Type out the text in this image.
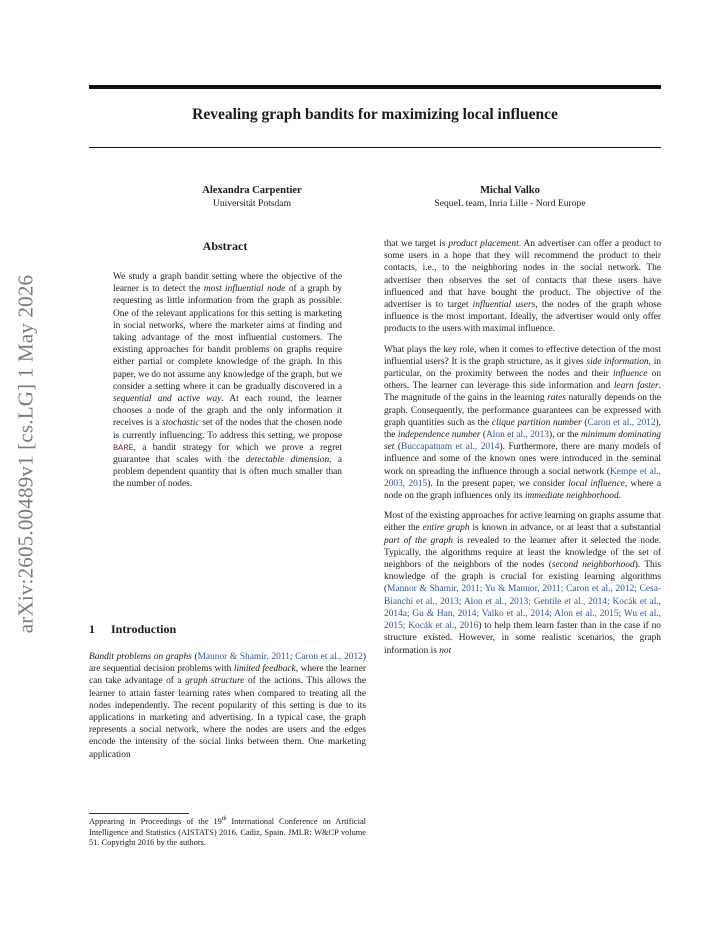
arXiv:2605.00489v1 [cs.LG] 1 May 2026
Revealing graph bandits for maximizing local influence
Alexandra Carpentier
Universität Potsdam
Michal Valko
SequeL team, Inria Lille - Nord Europe
Abstract

We study a graph bandit setting where the objective of the learner is to detect the most influential node of a graph by requesting as little information from the graph as possible. One of the relevant applications for this setting is marketing in social networks, where the marketer aims at finding and taking advantage of the most influential customers. The existing approaches for bandit problems on graphs require either partial or complete knowledge of the graph. In this paper, we do not assume any knowledge of the graph, but we consider a setting where it can be gradually discovered in a sequential and active way. At each round, the learner chooses a node of the graph and the only information it receives is a stochastic set of the nodes that the chosen node is currently influencing. To address this setting, we propose BARE, a bandit strategy for which we prove a regret guarantee that scales with the detectable dimension, a problem dependent quantity that is often much smaller than the number of nodes.

1 Introduction

Bandit problems on graphs (Mannor & Shamir, 2011; Caron et al., 2012) are sequential decision problems with limited feedback, where the learner can take advantage of a graph structure of the actions. This allows the learner to attain faster learning rates when compared to treating all the nodes independently. The recent popularity of this setting is due to its applications in marketing and advertising. In a typical case, the graph represents a social network, where the nodes are users and the edges encode the intensity of the social links between them. One marketing application

Appearing in Proceedings of the 19th International Conference on Artificial Intelligence and Statistics (AISTATS) 2016, Cadiz, Spain. JMLR: W&CP volume 51. Copyright 2016 by the authors.

that we target is product placement. An advertiser can offer a product to some users in a hope that they will recommend the product to their contacts, i.e., to the neighboring nodes in the social network. The advertiser then observes the set of contacts that these users have influenced and that have bought the product. The objective of the advertiser is to target influential users, the nodes of the graph whose influence is the most important. Ideally, the advertiser would only offer products to the users with maximal influence.

What plays the key role, when it comes to effective detection of the most influential users? It is the graph structure, as it gives side information, in particular, on the proximity between the nodes and their influence on others. The learner can leverage this side information and learn faster. The magnitude of the gains in the learning rates naturally depends on the graph. Consequently, the performance guarantees can be expressed with graph quantities such as the clique partition number (Caron et al., 2012), the independence number (Alon et al., 2013), or the minimum dominating set (Buccapatnam et al., 2014). Furthermore, there are many models of influence and some of the known ones were introduced in the seminal work on spreading the influence through a social network (Kempe et al., 2003, 2015). In the present paper, we consider local influence, where a node on the graph influences only its immediate neighborhood.

Most of the existing approaches for active learning on graphs assume that either the entire graph is known in advance, or at least that a substantial part of the graph is revealed to the learner after it selected the node. Typically, the algorithms require at least the knowledge of the set of neighbors of the neighbors of the nodes (second neighborhood). This knowledge of the graph is crucial for existing learning algorithms (Mannor & Shamir, 2011; Yu & Mannor, 2011; Caron et al., 2012; Cesa-Bianchi et al., 2013; Alon et al., 2013; Gentile et al., 2014; Kocák et al., 2014a; Gu & Han, 2014; Valko et al., 2014; Alon et al., 2015; Wu et al., 2015; Kocák et al., 2016) to help them learn faster than in the case if no structure existed. However, in some realistic scenarios, the graph information is not
